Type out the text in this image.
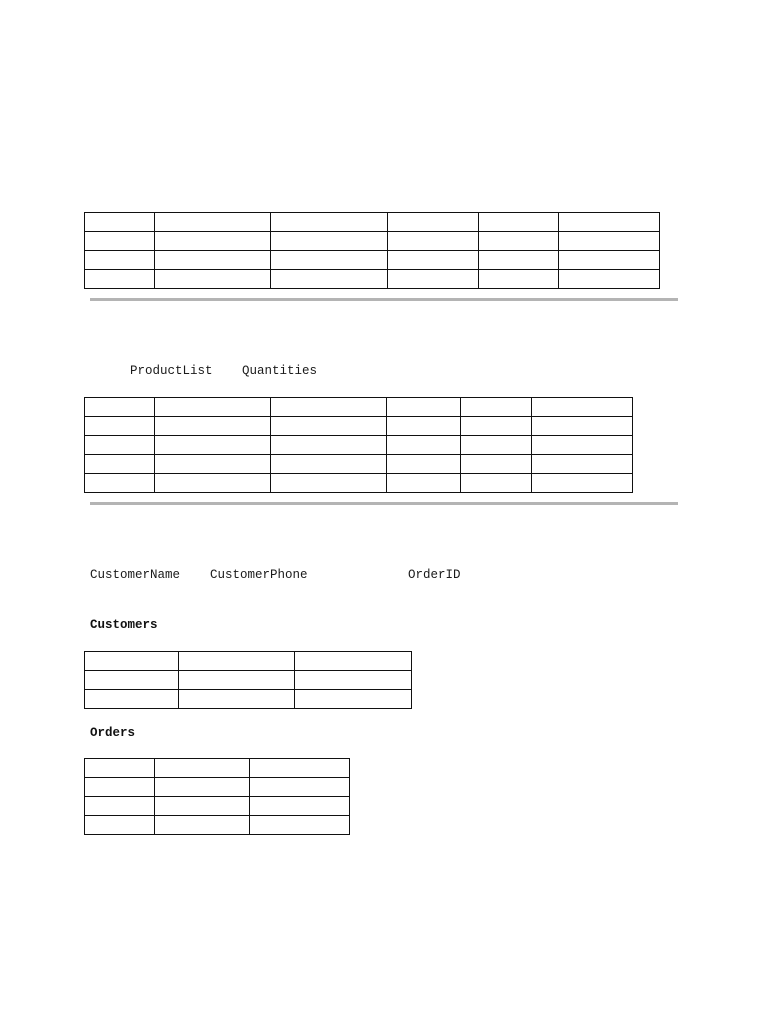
ProductList Quantities

CustomerName CustomerPhone	OrderID
Customers

Orders
